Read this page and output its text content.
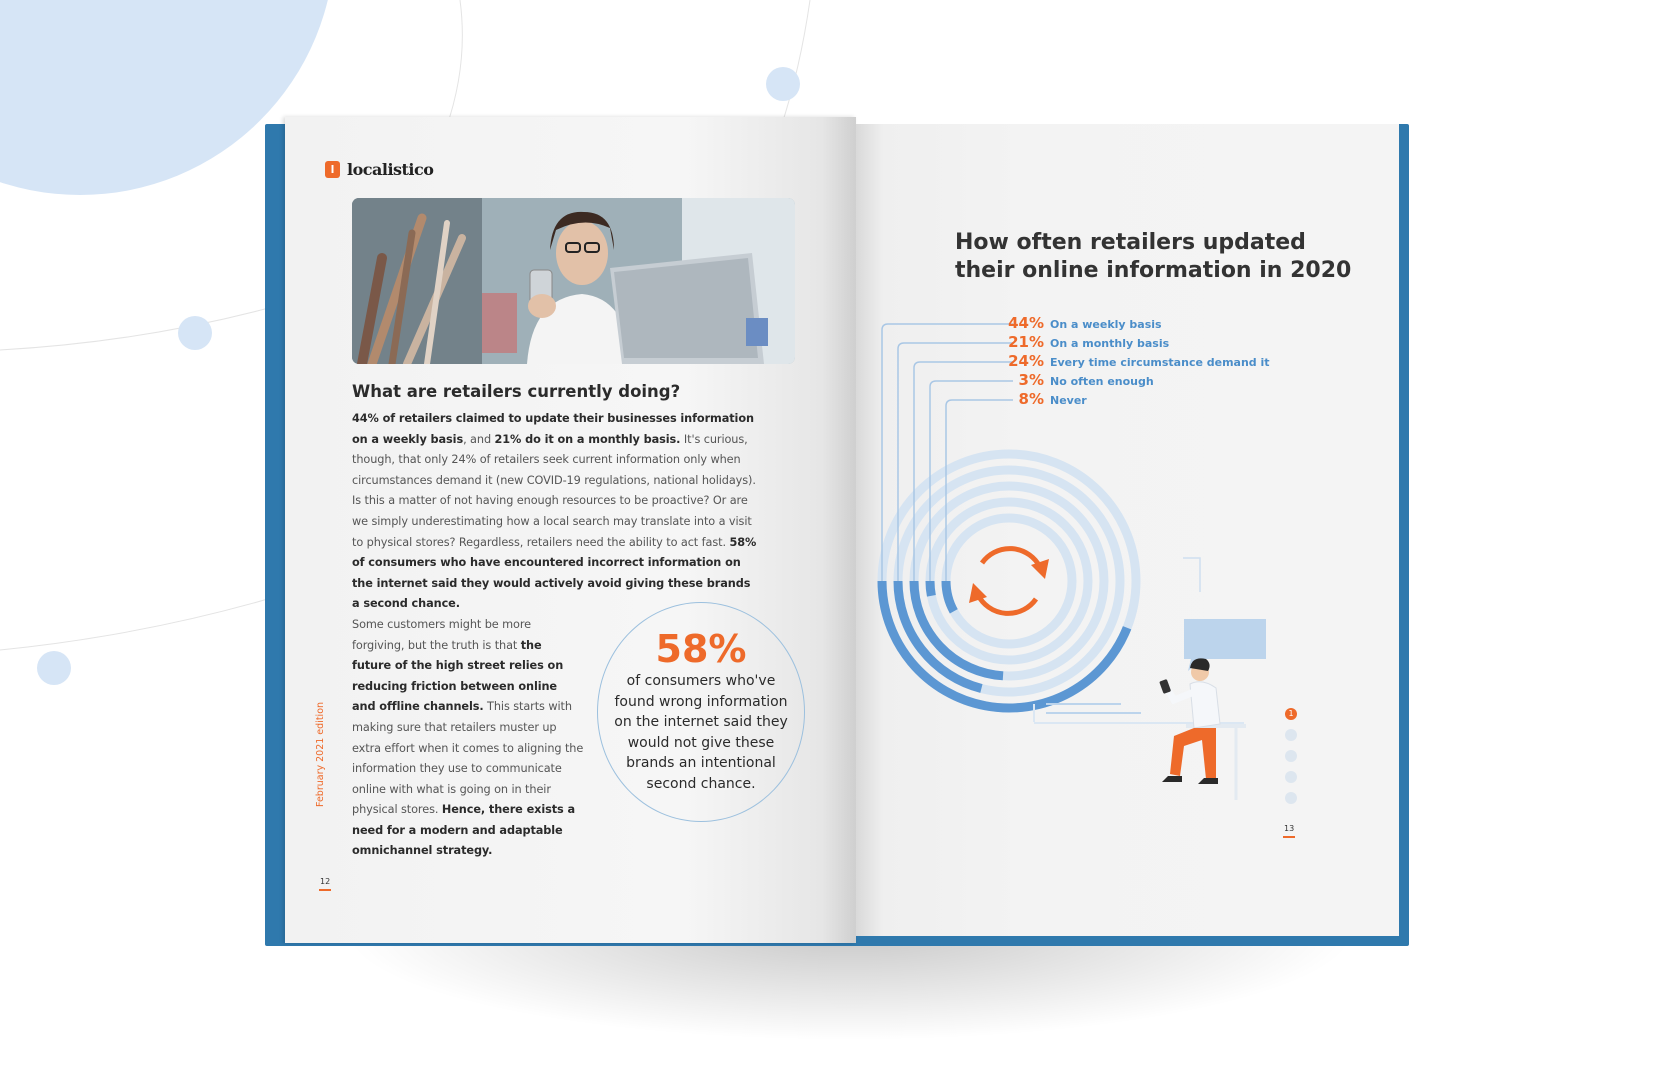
l localistico
What are retailers currently doing?
44% of retailers claimed to update their businesses information on a weekly basis, and 21% do it on a monthly basis. It's curious, though, that only 24% of retailers seek current information only when circumstances demand it (new COVID-19 regulations, national holidays). Is this a matter of not having enough resources to be proactive? Or are we simply underestimating how a local search may translate into a visit to physical stores? Regardless, retailers need the ability to act fast. 58% of consumers who have encountered incorrect information on the internet said they would actively avoid giving these brands a second chance.
Some customers might be more forgiving, but the truth is that the future of the high street relies on reducing friction between online and offline channels. This starts with making sure that retailers muster up extra effort when it comes to aligning the information they use to communicate online with what is going on in their physical stores. Hence, there exists a need for a modern and adaptable omnichannel strategy.
58%
of consumers who've found wrong information on the internet said they would not give these brands an intentional second chance.
February 2021 edition
12
How often retailers updated
their online information in 2020
44% On a weekly basis
21% On a monthly basis
24% Every time circumstance demand it
3% No often enough
8% Never
1
2
3
4
5
13
